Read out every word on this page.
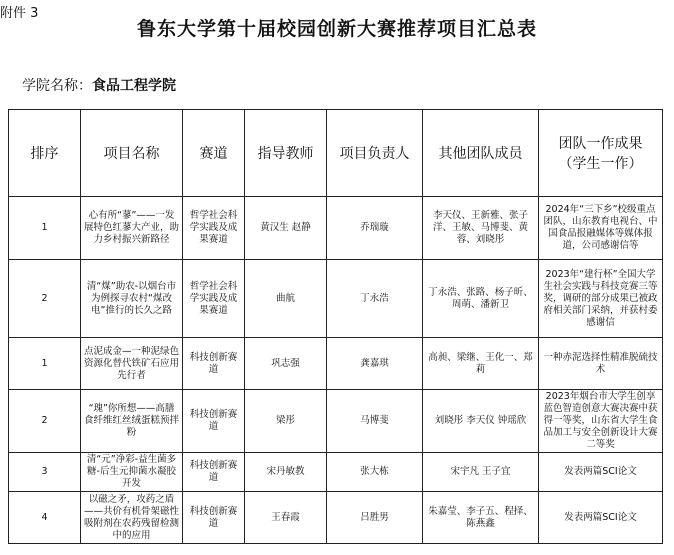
附件 3
鲁东大学第十届校园创新大赛推荐项目汇总表
学院名称：食品工程学院
排序	项目名称	赛道	指导教师	项目负责人	其他团队成员	团队一作成果
（学生一作）
1	心有所“蓼”——一发展特色红蓼大产业，助力乡村振兴新路径	哲学社会科学实践及成果赛道	黄汉生 赵静	乔瑞璇	李天仪、王新雅、张子洋、王敏、马博斐、黄蓉、刘晓彤	2024年“三下乡”校级重点团队，山东教育电视台、中国食品报融媒体等媒体报道，公司感谢信等
2	清“煤”助农-以烟台市为例探寻农村“煤改电”推行的长久之路	哲学社会科学实践及成果赛道	曲航	丁永浩	丁永浩、张路、杨子昕、周萌、潘新卫	2023年“建行杯”全国大学生社会实践与科技竞赛三等奖，调研的部分成果已被政府相关部门采纳，并获村委感谢信
1	点泥成金—一种泥绿色资源化替代铁矿石应用先行者	科技创新赛道	巩志强	龚嘉琪	高昶、梁继、王化一、郑莉	一种赤泥选择性精准脱硫技术
2	“瑰”你所想——高膳食纤维红丝绒蛋糕预拌粉	科技创新赛道	梁彤	马博斐	刘晓彤 李天仪 钟瑶欣	2023年烟台市大学生创享蓝色智造创意大赛决赛中获得一等奖，山东省大学生食品加工与安全创新设计大赛二等奖
3	清“元”净彩-益生菌多糖-后生元抑菌水凝胶开发	科技创新赛道	宋丹敏教	张大栋	宋宇凡 王子宜	发表两篇SCI论文
4	以磁之矛，攻药之盾——共价有机骨架磁性吸附剂在农药残留检测中的应用	科技创新赛道	王春霞	吕胜男	朱嘉莹、李子五、程择、陈燕鑫	发表两篇SCI论文
